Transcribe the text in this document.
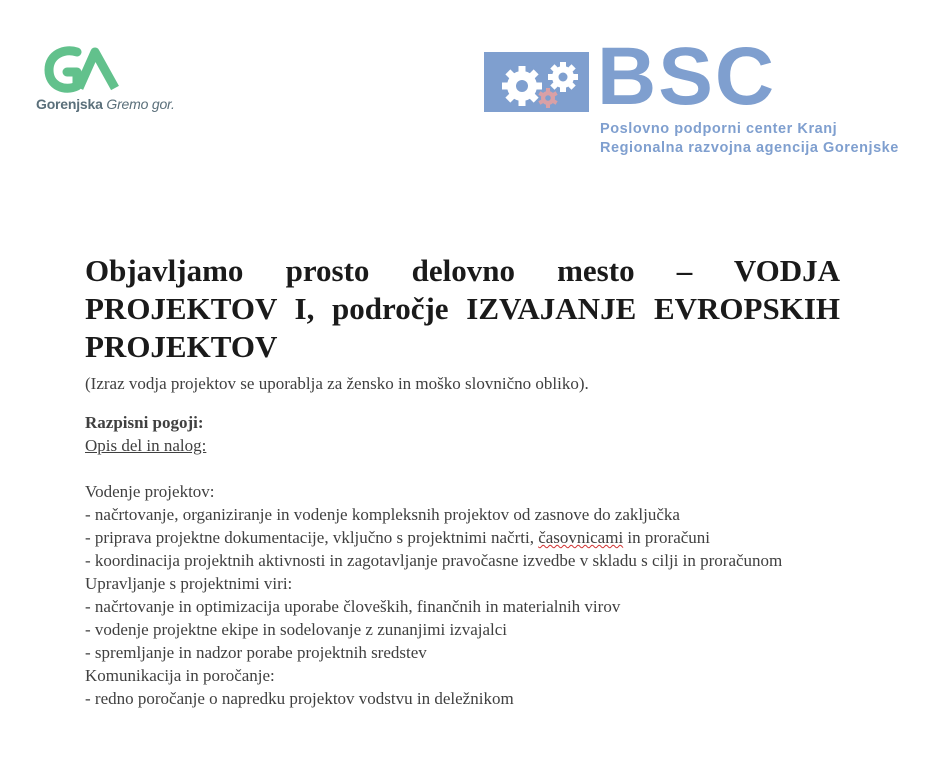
Gorenjska Gremo gor.	BSC
Poslovno podporni center Kranj
Regionalna razvojna agencija Gorenjske
Objavljamo prosto delovno mesto – VODJA PROJEKTOV I, področje IZVAJANJE EVROPSKIH PROJEKTOV
(Izraz vodja projektov se uporablja za žensko in moško slovnično obliko).
Razpisni pogoji:
Opis del in nalog:
Vodenje projektov:
- načrtovanje, organiziranje in vodenje kompleksnih projektov od zasnove do zaključka
- priprava projektne dokumentacije, vključno s projektnimi načrti, časovnicami in proračuni
- koordinacija projektnih aktivnosti in zagotavljanje pravočasne izvedbe v skladu s cilji in proračunom
Upravljanje s projektnimi viri:
- načrtovanje in optimizacija uporabe človeških, finančnih in materialnih virov
- vodenje projektne ekipe in sodelovanje z zunanjimi izvajalci
- spremljanje in nadzor porabe projektnih sredstev
Komunikacija in poročanje:
- redno poročanje o napredku projektov vodstvu in deležnikom
